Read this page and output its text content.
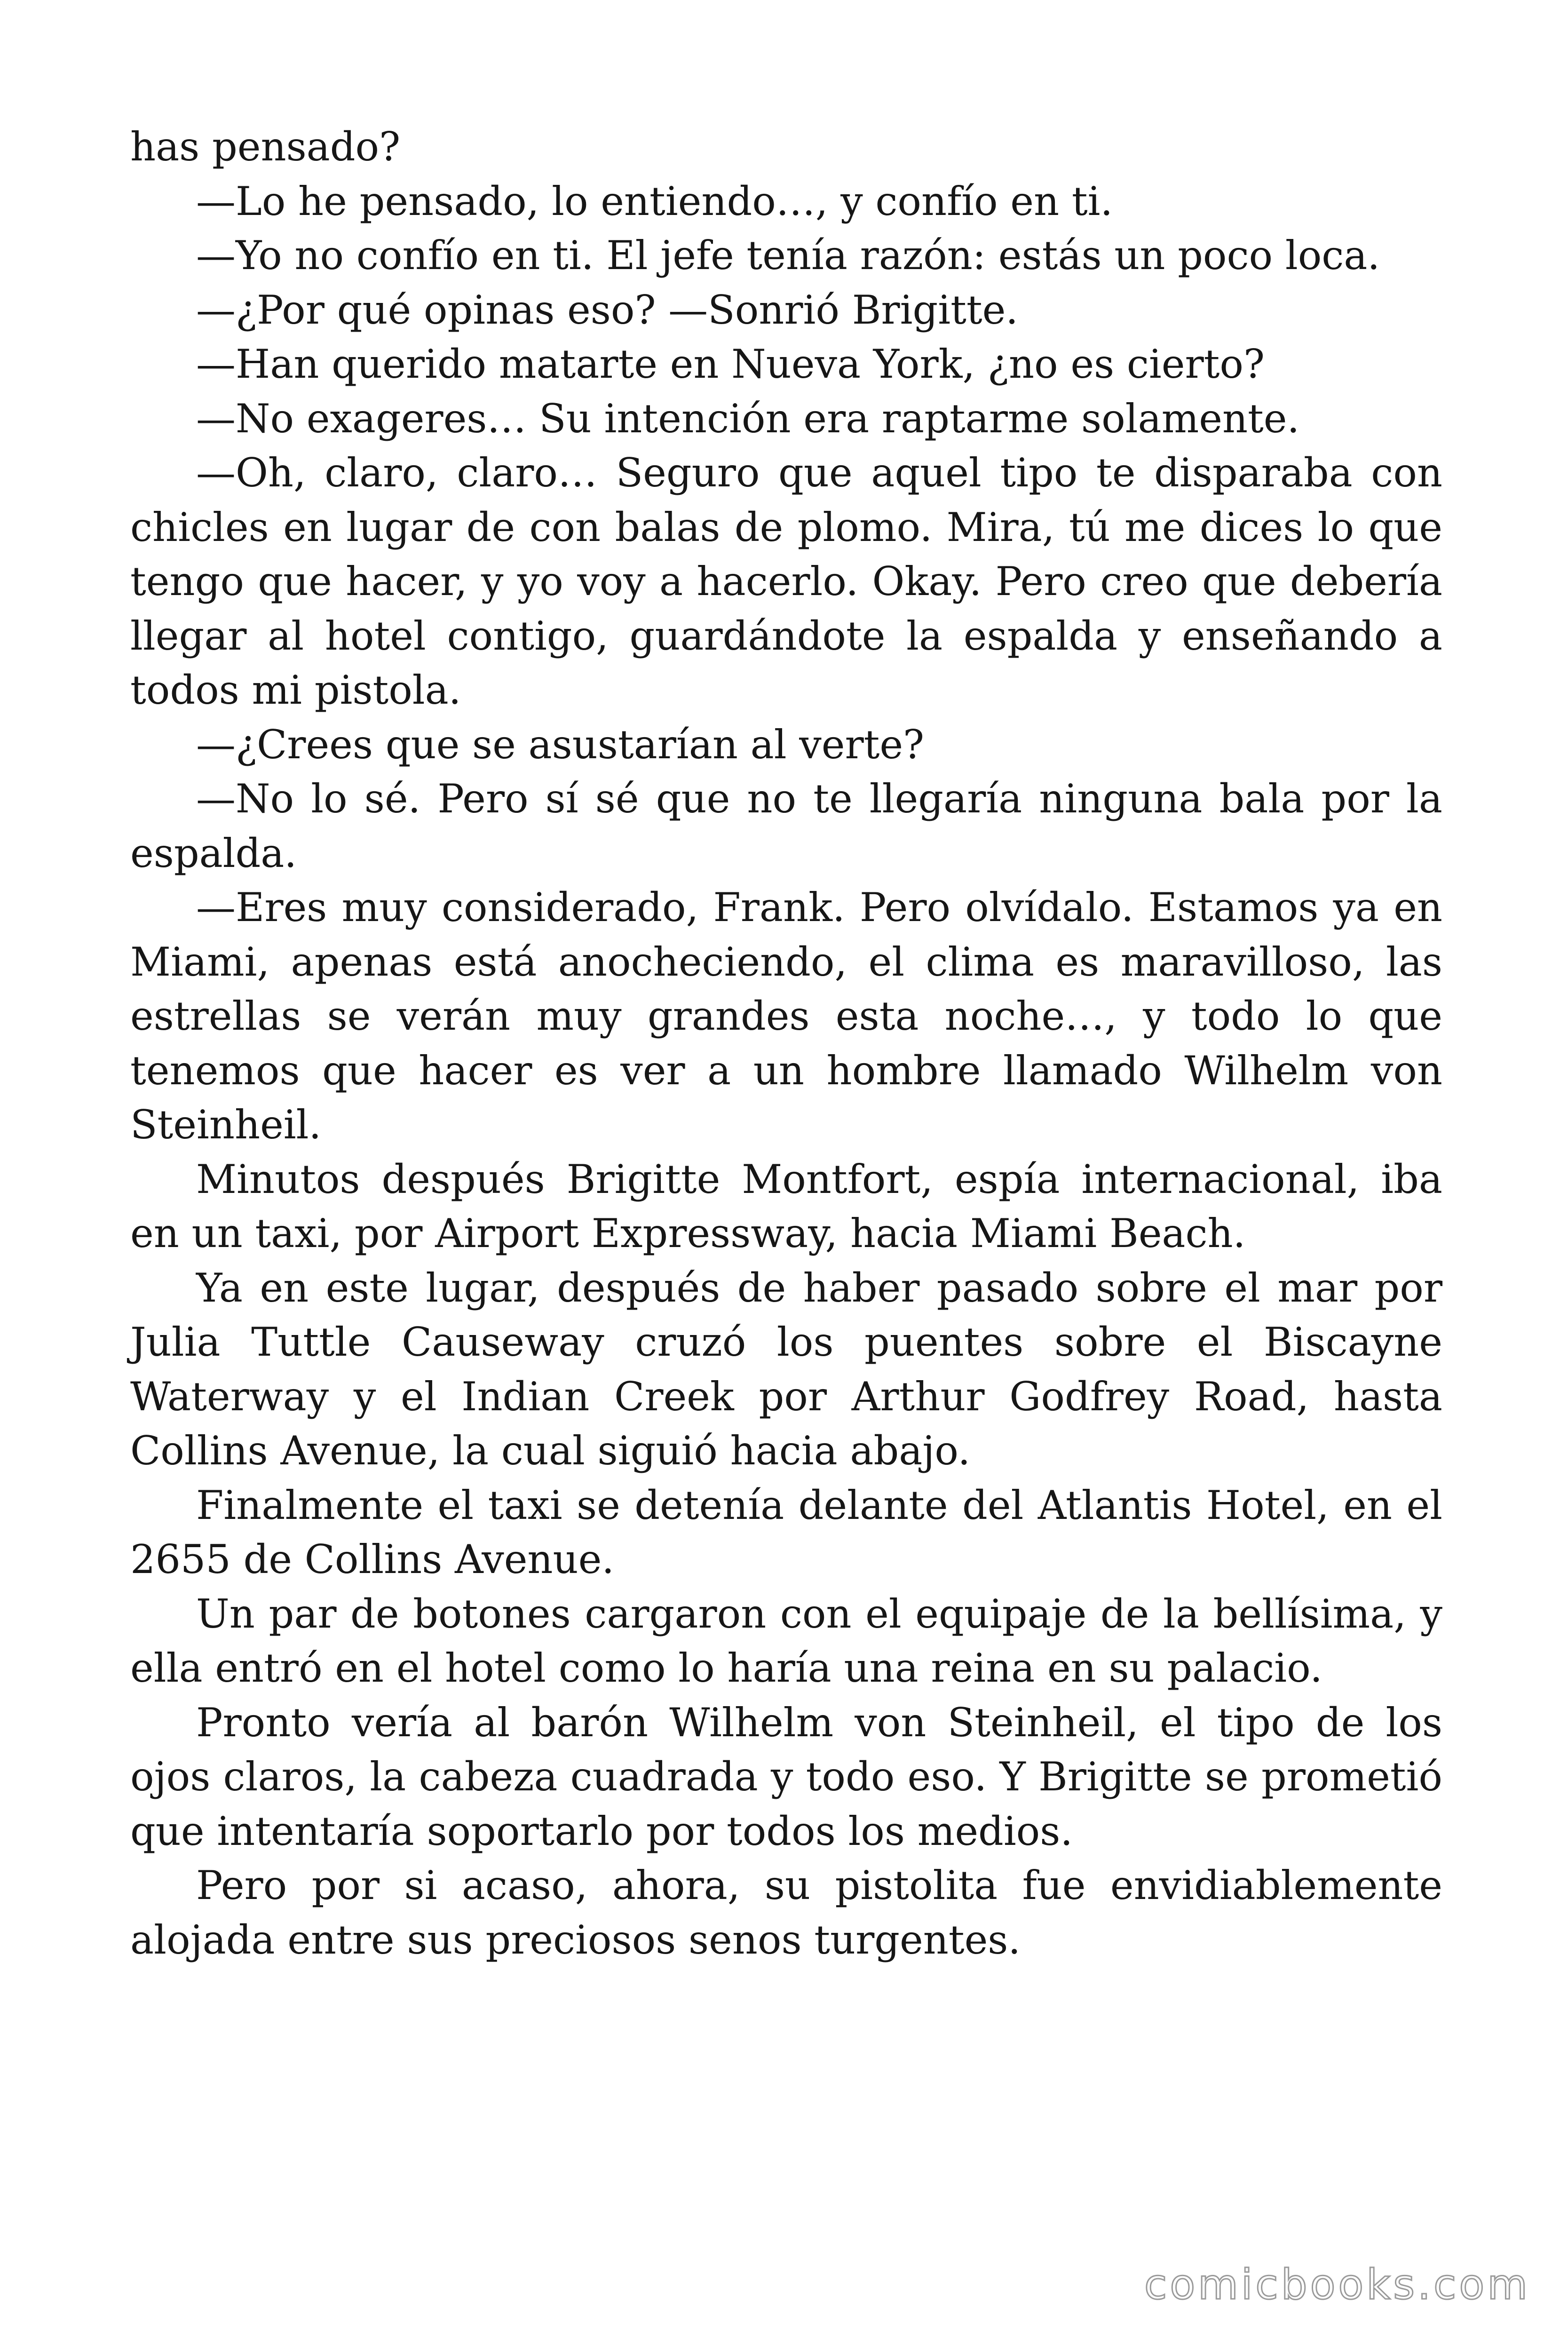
has pensado?

—Lo he pensado, lo entiendo…, y confío en ti.

—Yo no confío en ti. El jefe tenía razón: estás un poco loca.

—¿Por qué opinas eso? —Sonrió Brigitte.

—Han querido matarte en Nueva York, ¿no es cierto?

—No exageres… Su intención era raptarme solamente.

—Oh, claro, claro… Seguro que aquel tipo te disparaba con chicles en lugar de con balas de plomo. Mira, tú me dices lo que tengo que hacer, y yo voy a hacerlo. Okay. Pero creo que debería llegar al hotel contigo, guardándote la espalda y enseñando a todos mi pistola.

—¿Crees que se asustarían al verte?

—No lo sé. Pero sí sé que no te llegaría ninguna bala por la espalda.

—Eres muy considerado, Frank. Pero olvídalo. Estamos ya en Miami, apenas está anocheciendo, el clima es maravilloso, las estrellas se verán muy grandes esta noche…, y todo lo que tenemos que hacer es ver a un hombre llamado Wilhelm von Steinheil.

Minutos después Brigitte Montfort, espía internacional, iba en un taxi, por Airport Expressway, hacia Miami Beach.

Ya en este lugar, después de haber pasado sobre el mar por Julia Tuttle Causeway cruzó los puentes sobre el Biscayne Waterway y el Indian Creek por Arthur Godfrey Road, hasta Collins Avenue, la cual siguió hacia abajo.

Finalmente el taxi se detenía delante del Atlantis Hotel, en el 2655 de Collins Avenue.

Un par de botones cargaron con el equipaje de la bellísima, y ella entró en el hotel como lo haría una reina en su palacio.

Pronto vería al barón Wilhelm von Steinheil, el tipo de los ojos claros, la cabeza cuadrada y todo eso. Y Brigitte se prometió que intentaría soportarlo por todos los medios.

Pero por si acaso, ahora, su pistolita fue envidiablemente alojada entre sus preciosos senos turgentes.

comicbooks.com
